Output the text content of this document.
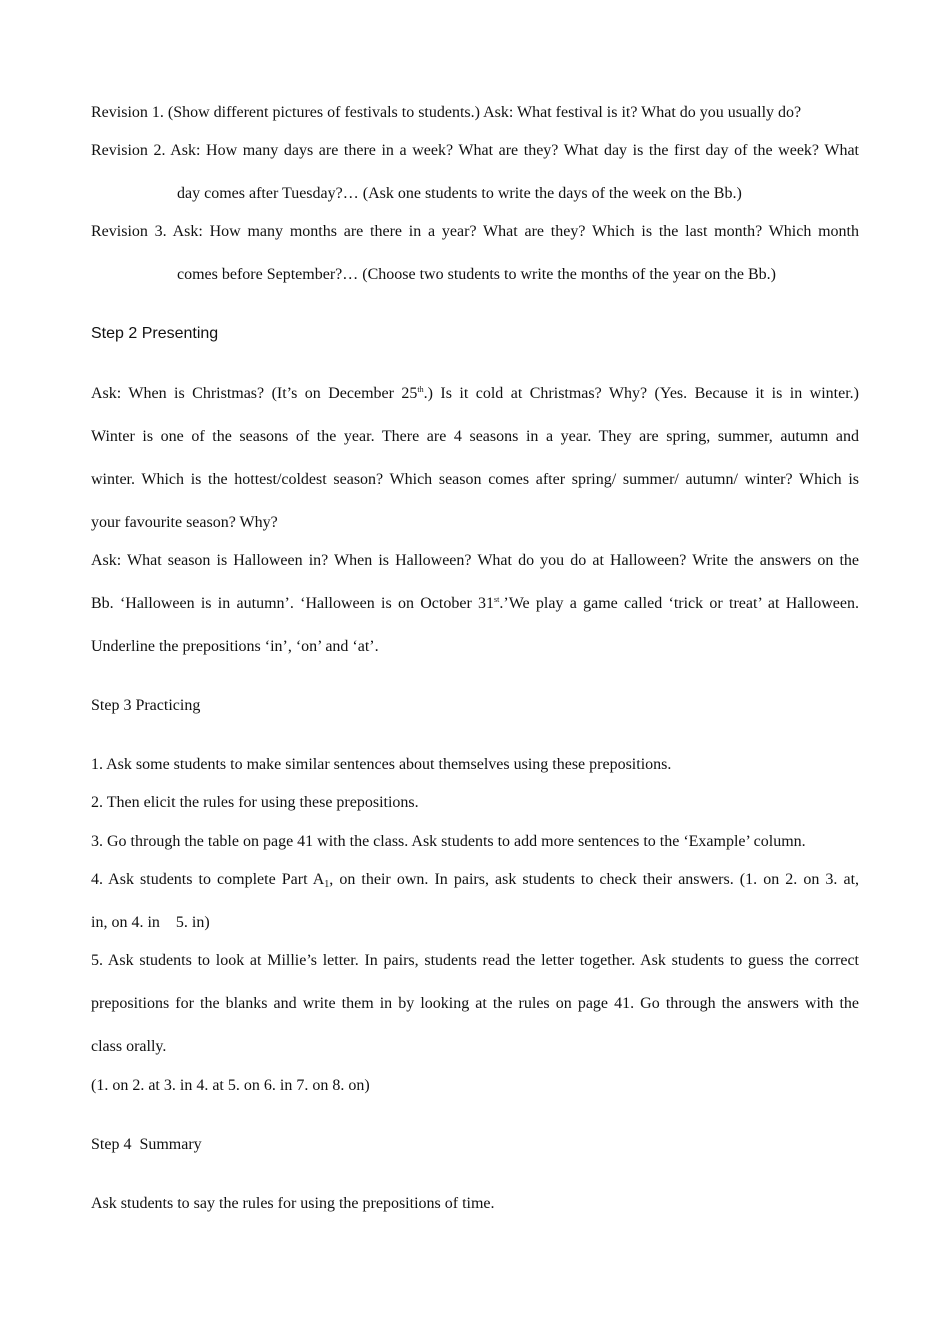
Revision 1. (Show different pictures of festivals to students.) Ask: What festival is it? What do you usually do?
Revision 2. Ask: How many days are there in a week? What are they? What day is the first day of the week? What
day comes after Tuesday?… (Ask one students to write the days of the week on the Bb.)
Revision 3. Ask: How many months are there in a year? What are they? Which is the last month? Which month
comes before September?… (Choose two students to write the months of the year on the Bb.)
Step 2 Presenting
Ask: When is Christmas? (It’s on December 25th.) Is it cold at Christmas? Why? (Yes. Because it is in winter.)
Winter is one of the seasons of the year. There are 4 seasons in a year. They are spring, summer, autumn and
winter. Which is the hottest/coldest season? Which season comes after spring/ summer/ autumn/ winter? Which is
your favourite season? Why?
Ask: What season is Halloween in? When is Halloween? What do you do at Halloween? Write the answers on the
Bb. ‘Halloween is in autumn’. ‘Halloween is on October 31st.’We play a game called ‘trick or treat’ at Halloween.
Underline the prepositions ‘in’, ‘on’ and ‘at’.
Step 3 Practicing
1. Ask some students to make similar sentences about themselves using these prepositions.
2. Then elicit the rules for using these prepositions.
3. Go through the table on page 41 with the class. Ask students to add more sentences to the ‘Example’ column.
4. Ask students to complete Part $A_1$, on their own. In pairs, ask students to check their answers. (1. on 2. on 3. at,
in, on 4. in    5. in)
5. Ask students to look at Millie’s letter. In pairs, students read the letter together. Ask students to guess the correct
prepositions for the blanks and write them in by looking at the rules on page 41. Go through the answers with the
class orally.
(1. on 2. at 3. in 4. at 5. on 6. in 7. on 8. on)
Step 4  Summary
Ask students to say the rules for using the prepositions of time.
